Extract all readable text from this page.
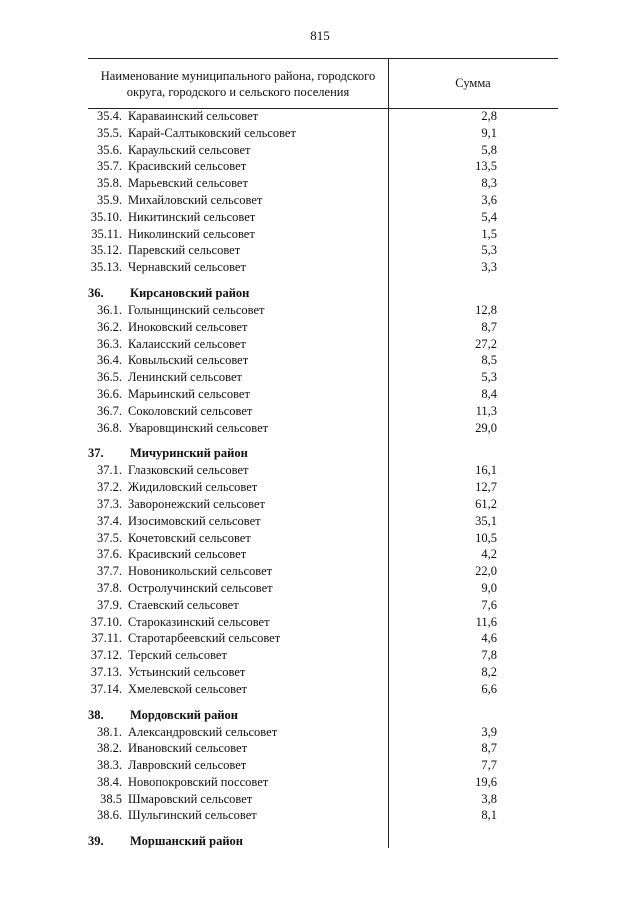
815
Наименование муниципального района, городского
округа, городского и сельского поселения
Сумма
35.4. Караваинский сельсовет	2,8
35.5. Карай-Салтыковский сельсовет	9,1
35.6. Караульский сельсовет	5,8
35.7. Красивский сельсовет	13,5
35.8. Марьевский сельсовет	8,3
35.9. Михайловский сельсовет	3,6
35.10. Никитинский сельсовет	5,4
35.11. Николинский сельсовет	1,5
35.12. Паревский сельсовет	5,3
35.13. Чернавский сельсовет	3,3
36.	Кирсановский район
36.1. Голынщинский сельсовет	12,8
36.2. Иноковский сельсовет	8,7
36.3. Калаисский сельсовет	27,2
36.4. Ковыльский сельсовет	8,5
36.5. Ленинский сельсовет	5,3
36.6. Марьинский сельсовет	8,4
36.7. Соколовский сельсовет	11,3
36.8. Уваровщинский сельсовет	29,0
37.	Мичуринский район
37.1. Глазковский сельсовет	16,1
37.2. Жидиловский сельсовет	12,7
37.3. Заворонежский сельсовет	61,2
37.4. Изосимовский сельсовет	35,1
37.5. Кочетовский сельсовет	10,5
37.6. Красивский сельсовет	4,2
37.7. Новоникольский сельсовет	22,0
37.8. Остролучинский сельсовет	9,0
37.9. Стаевский сельсовет	7,6
37.10. Староказинский сельсовет	11,6
37.11. Старотарбеевский сельсовет	4,6
37.12. Терский сельсовет	7,8
37.13. Устьинский сельсовет	8,2
37.14. Хмелевской сельсовет	6,6
38.	Мордовский район
38.1. Александровский сельсовет	3,9
38.2. Ивановский сельсовет	8,7
38.3. Лавровский сельсовет	7,7
38.4. Новопокровский поссовет	19,6
38.5 Шмаровский сельсовет	3,8
38.6. Шульгинский сельсовет	8,1
39.	Моршанский район
